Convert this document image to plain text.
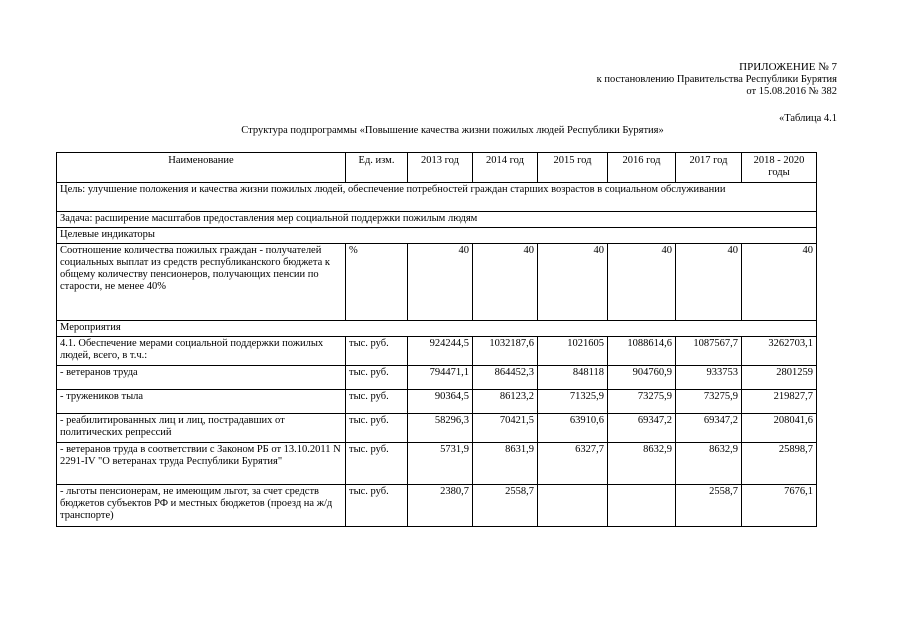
ПРИЛОЖЕНИЕ № 7
к постановлению Правительства Республики Бурятия
от 15.08.2016 № 382
«Таблица 4.1
Структура подпрограммы «Повышение качества жизни пожилых людей Республики Бурятия»
Наименование	Ед. изм.	2013 год	2014 год	2015 год	2016 год	2017 год	2018 - 2020 годы
Цель: улучшение положения и качества жизни пожилых людей, обеспечение потребностей граждан старших возрастов в социальном обслуживании							
Задача: расширение масштабов предоставления мер социальной поддержки пожилым людям							
Целевые индикаторы							
Соотношение количества пожилых граждан - получателей социальных выплат из средств республиканского бюджета к общему количеству пенсионеров, получающих пенсии по старости, не менее 40%	%	40	40	40	40	40	40
Мероприятия							
4.1. Обеспечение мерами социальной поддержки пожилых людей, всего, в т.ч.:	тыс. руб.	924244,5	1032187,6	1021605	1088614,6	1087567,7	3262703,1
- ветеранов труда	тыс. руб.	794471,1	864452,3	848118	904760,9	933753	2801259
- тружеников тыла	тыс. руб.	90364,5	86123,2	71325,9	73275,9	73275,9	219827,7
- реабилитированных лиц и лиц, пострадавших от политических репрессий	тыс. руб.	58296,3	70421,5	63910,6	69347,2	69347,2	208041,6
- ветеранов труда в соответствии с Законом РБ от 13.10.2011 N 2291-IV "О ветеранах труда Республики Бурятия"	тыс. руб.	5731,9	8631,9	6327,7	8632,9	8632,9	25898,7
- льготы пенсионерам, не имеющим льгот, за счет средств бюджетов субъектов РФ и местных бюджетов (проезд на ж/д транспорте)	тыс. руб.	2380,7	2558,7			2558,7	7676,1
